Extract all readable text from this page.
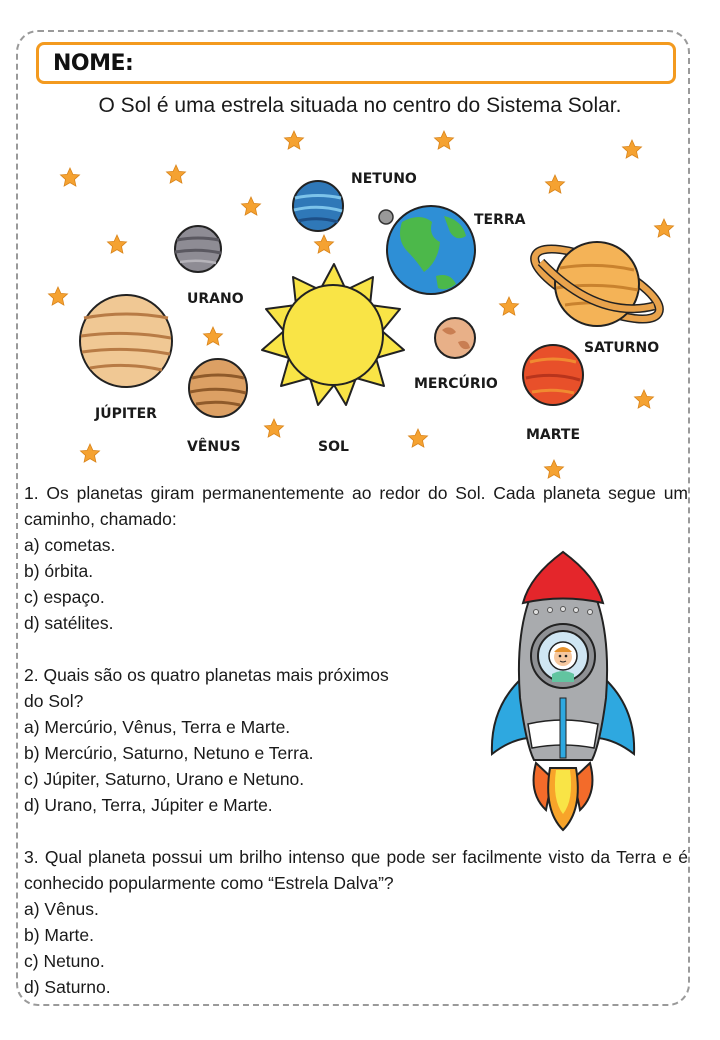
NOME:
O Sol é uma estrela situada no centro do Sistema Solar.
NETUNO
TERRA
URANO
SATURNO
MERCÚRIO
JÚPITER
VÊNUS	SOL
MARTE

1. Os planetas giram permanentemente ao redor do Sol. Cada planeta segue um caminho, chamado:

a) cometas.

b) órbita.

c) espaço.

d) satélites.

2. Quais são os quatro planetas mais próximos

do Sol?

a) Mercúrio, Vênus, Terra e Marte.

b) Mercúrio, Saturno, Netuno e Terra.

c) Júpiter, Saturno, Urano e Netuno.

d) Urano, Terra, Júpiter e Marte.

3. Qual planeta possui um brilho intenso que pode ser facilmente visto da Terra e é conhecido popularmente como “Estrela Dalva”?

a) Vênus.

b) Marte.

c) Netuno.

d) Saturno.
